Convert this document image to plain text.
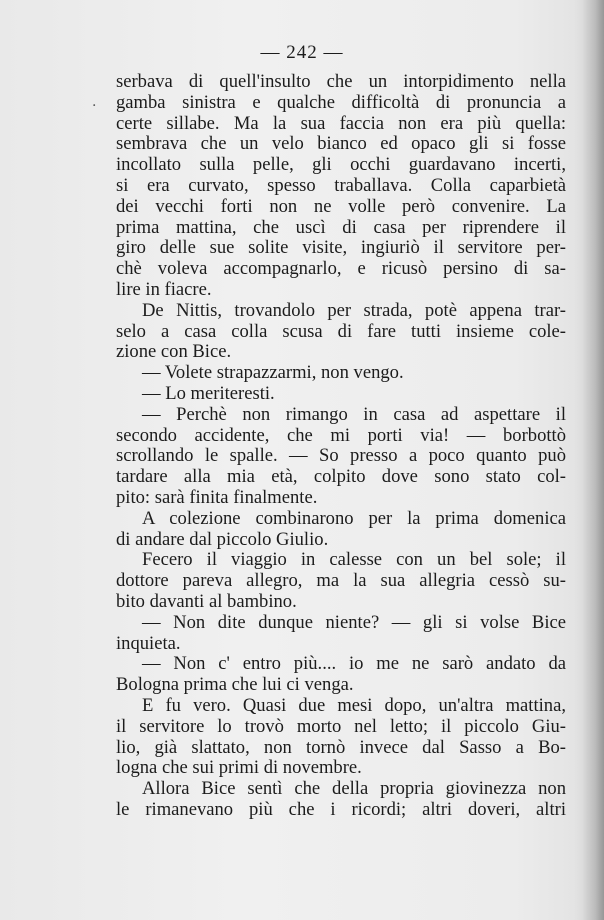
·
— 242 —
serbava di quell'insulto che un intorpidimento nella
gamba sinistra e qualche difficoltà di pronuncia a
certe sillabe. Ma la sua faccia non era più quella:
sembrava che un velo bianco ed opaco gli si fosse
incollato sulla pelle, gli occhi guardavano incerti,
si era curvato, spesso traballava. Colla caparbietà
dei vecchi forti non ne volle però convenire. La
prima mattina, che uscì di casa per riprendere il
giro delle sue solite visite, ingiuriò il servitore per-
chè voleva accompagnarlo, e ricusò persino di sa-
lire in fiacre.
De Nittis, trovandolo per strada, potè appena trar-
selo a casa colla scusa di fare tutti insieme cole-
zione con Bice.
— Volete strapazzarmi, non vengo.
— Lo meriteresti.
— Perchè non rimango in casa ad aspettare il
secondo accidente, che mi porti via! — borbottò
scrollando le spalle. — So presso a poco quanto può
tardare alla mia età, colpito dove sono stato col-
pito: sarà finita finalmente.
A colezione combinarono per la prima domenica
di andare dal piccolo Giulio.
Fecero il viaggio in calesse con un bel sole; il
dottore pareva allegro, ma la sua allegria cessò su-
bito davanti al bambino.
— Non dite dunque niente? — gli si volse Bice
inquieta.
— Non c' entro più.... io me ne sarò andato da
Bologna prima che lui ci venga.
E fu vero. Quasi due mesi dopo, un'altra mattina,
il servitore lo trovò morto nel letto; il piccolo Giu-
lio, già slattato, non tornò invece dal Sasso a Bo-
logna che sui primi di novembre.
Allora Bice sentì che della propria giovinezza non
le rimanevano più che i ricordi; altri doveri, altri
